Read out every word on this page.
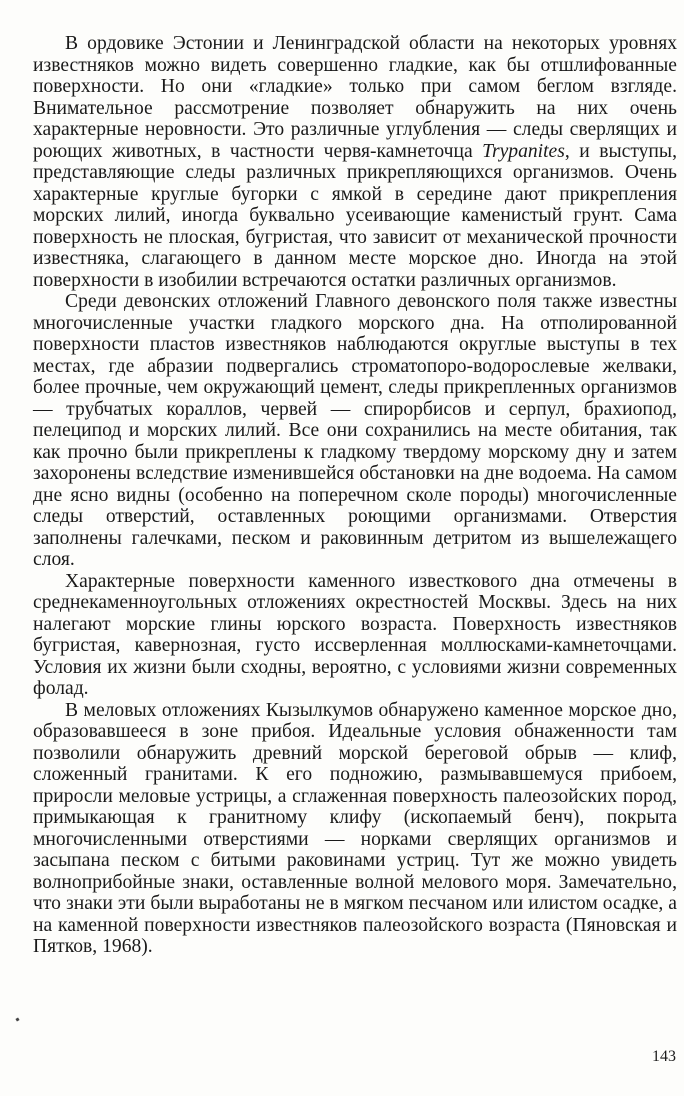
В ордовике Эстонии и Ленинградской области на некоторых уровнях известняков можно видеть совершенно гладкие, как бы отшлифованные поверхности. Но они «гладкие» только при самом беглом взгляде. Внимательное рассмотрение позволяет обнаружить на них очень характерные неровности. Это различные углубления — следы сверлящих и роющих животных, в частности червя-камнеточца Trypanites, и выступы, представляющие следы различных прикрепляющихся организмов. Очень характерные круглые бугорки с ямкой в середине дают прикрепления морских лилий, иногда буквально усеивающие каменистый грунт. Сама поверхность не плоская, бугристая, что зависит от механической прочности известняка, слагающего в данном месте морское дно. Иногда на этой поверхности в изобилии встречаются остатки различных организмов.

Среди девонских отложений Главного девонского поля также известны многочисленные участки гладкого морского дна. На отполированной поверхности пластов известняков наблюдаются округлые выступы в тех местах, где абразии подвергались строматопоро-водорослевые желваки, более прочные, чем окружающий цемент, следы прикрепленных организмов — трубчатых кораллов, червей — спирорбисов и серпул, брахиопод, пелеципод и морских лилий. Все они сохранились на месте обитания, так как прочно были прикреплены к гладкому твердому морскому дну и затем захоронены вследствие изменившейся обстановки на дне водоема. На самом дне ясно видны (особенно на поперечном сколе породы) многочисленные следы отверстий, оставленных роющими организмами. Отверстия заполнены галечками, песком и раковинным детритом из вышележащего слоя.

Характерные поверхности каменного известкового дна отмечены в среднекаменноугольных отложениях окрестностей Москвы. Здесь на них налегают морские глины юрского возраста. Поверхность известняков бугристая, кавернозная, густо иссверленная моллюсками-камнеточцами. Условия их жизни были сходны, вероятно, с условиями жизни современных фолад.

В меловых отложениях Кызылкумов обнаружено каменное морское дно, образовавшееся в зоне прибоя. Идеальные условия обнаженности там позволили обнаружить древний морской береговой обрыв — клиф, сложенный гранитами. К его подножию, размывавшемуся прибоем, приросли меловые устрицы, а сглаженная поверхность палеозойских пород, примыкающая к гранитному клифу (ископаемый бенч), покрыта многочисленными отверстиями — норками сверлящих организмов и засыпана песком с битыми раковинами устриц. Тут же можно увидеть волноприбойные знаки, оставленные волной мелового моря. Замечательно, что знаки эти были выработаны не в мягком песчаном или илистом осадке, а на каменной поверхности известняков палеозойского возраста (Пяновская и Пятков, 1968).

143
